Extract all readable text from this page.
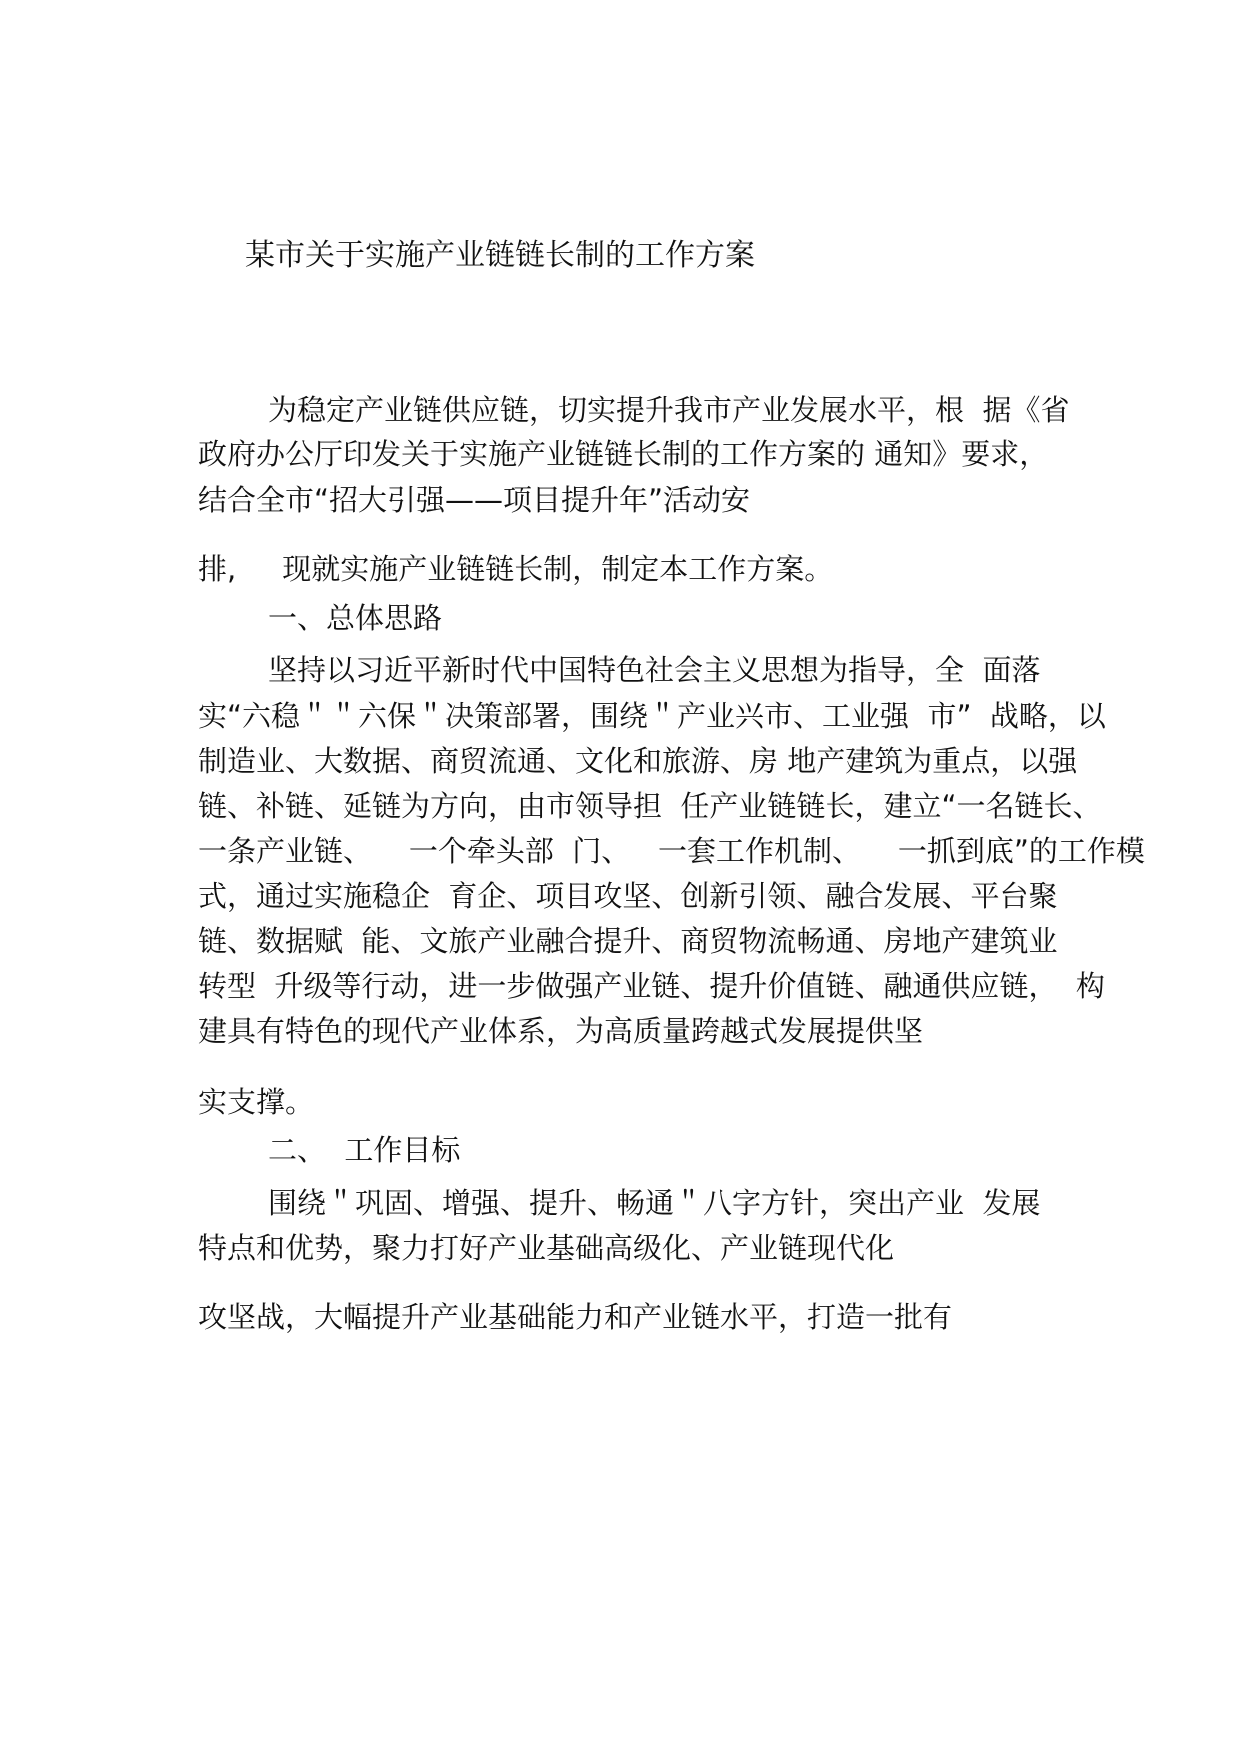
某市关于实施产业链链长制的工作方案
为稳定产业链供应链，切实提升我市产业发展水平，根  据《省
政府办公厅印发关于实施产业链链长制的工作方案的 通知》要求，
结合全市“招大引强——项目提升年”活动安
排,     现就实施产业链链长制，制定本工作方案。
一、总体思路
坚持以习近平新时代中国特色社会主义思想为指导，全  面落
实“六稳＂＂六保＂决策部署，围绕＂产业兴市、工业强  市”  战略，以
制造业、大数据、商贸流通、文化和旅游、房 地产建筑为重点，以强
链、补链、延链为方向，由市领导担  任产业链链长，建立“一名链长、
一条产业链、    一个牵头部  门、   一套工作机制、    一抓到底”的工作模
式，通过实施稳企  育企、项目攻坚、创新引领、融合发展、平台聚
链、数据赋  能、文旅产业融合提升、商贸物流畅通、房地产建筑业
转型  升级等行动，进一步做强产业链、提升价值链、融通供应链，  构
建具有特色的现代产业体系，为高质量跨越式发展提供坚
实支撑。
二、  工作目标
围绕＂巩固、增强、提升、畅通＂八字方针，突出产业  发展
特点和优势，聚力打好产业基础高级化、产业链现代化
攻坚战，大幅提升产业基础能力和产业链水平，打造一批有
